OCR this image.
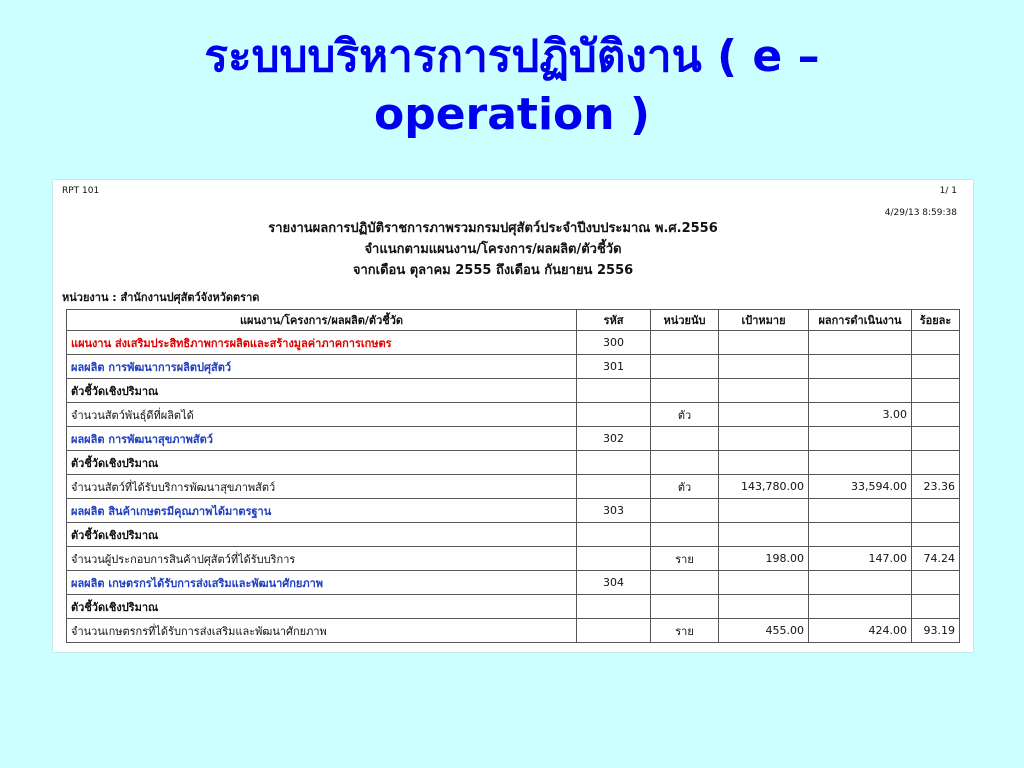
ระบบบริหารการปฏิบัติงาน ( e –
operation )
RPT 101	1/ 1
4/29/13 8:59:38
รายงานผลการปฏิบัติราชการภาพรวมกรมปศุสัตว์ประจำปีงบประมาณ พ.ศ.2556
จำแนกตามแผนงาน/โครงการ/ผลผลิต/ตัวชี้วัด
จากเดือน ตุลาคม 2555 ถึงเดือน กันยายน 2556
หน่วยงาน : สำนักงานปศุสัตว์จังหวัดตราด
แผนงาน/โครงการ/ผลผลิต/ตัวชี้วัด	รหัส	หน่วยนับ	เป้าหมาย	ผลการดำเนินงาน	ร้อยละ
แผนงาน ส่งเสริมประสิทธิภาพการผลิตและสร้างมูลค่าภาคการเกษตร	300				
ผลผลิต การพัฒนาการผลิตปศุสัตว์	301				
ตัวชี้วัดเชิงปริมาณ					
จำนวนสัตว์พันธุ์ดีที่ผลิตได้		ตัว		3.00	
ผลผลิต การพัฒนาสุขภาพสัตว์	302				
ตัวชี้วัดเชิงปริมาณ					
จำนวนสัตว์ที่ได้รับบริการพัฒนาสุขภาพสัตว์		ตัว	143,780.00	33,594.00	23.36
ผลผลิต สินค้าเกษตรมีคุณภาพได้มาตรฐาน	303				
ตัวชี้วัดเชิงปริมาณ					
จำนวนผู้ประกอบการสินค้าปศุสัตว์ที่ได้รับบริการ		ราย	198.00	147.00	74.24
ผลผลิต เกษตรกรได้รับการส่งเสริมและพัฒนาศักยภาพ	304				
ตัวชี้วัดเชิงปริมาณ					
จำนวนเกษตรกรที่ได้รับการส่งเสริมและพัฒนาศักยภาพ		ราย	455.00	424.00	93.19
